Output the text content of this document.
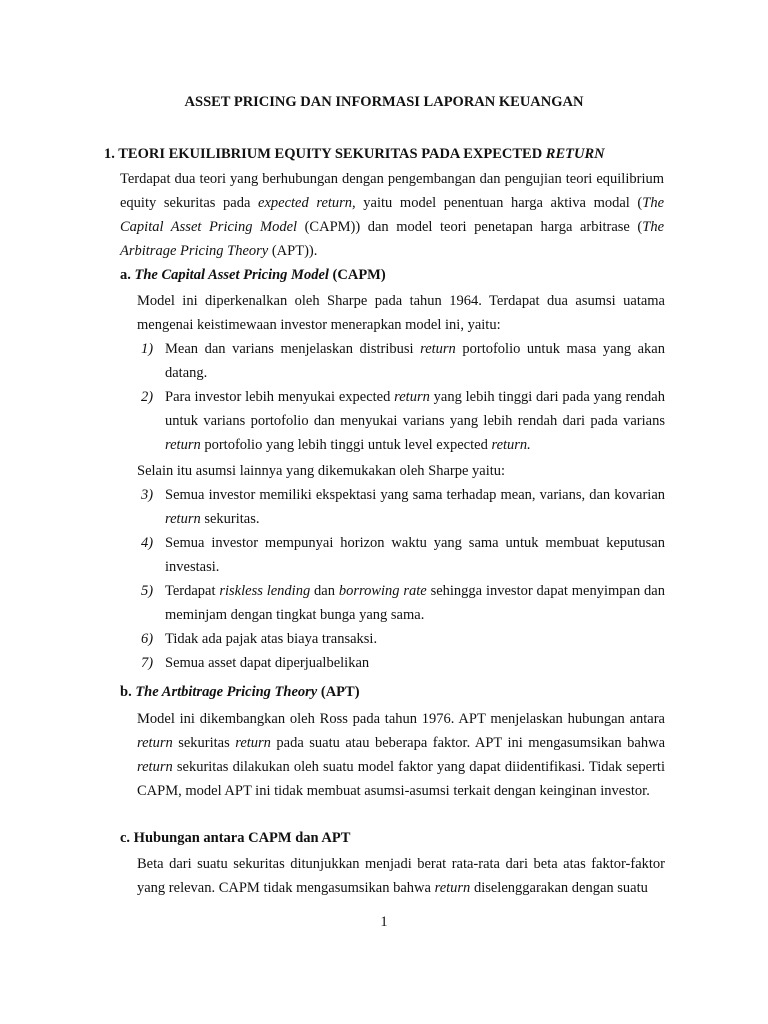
ASSET PRICING DAN INFORMASI LAPORAN KEUANGAN
1. TEORI EKUILIBRIUM EQUITY SEKURITAS PADA EXPECTED RETURN
Terdapat dua teori yang berhubungan dengan pengembangan dan pengujian teori equilibrium equity sekuritas pada expected return, yaitu model penentuan harga aktiva modal (The Capital Asset Pricing Model (CAPM)) dan model teori penetapan harga arbitrase (The Arbitrage Pricing Theory (APT)).
a. The Capital Asset Pricing Model (CAPM)
Model ini diperkenalkan oleh Sharpe pada tahun 1964. Terdapat dua asumsi uatama mengenai keistimewaan investor menerapkan model ini, yaitu:
1) Mean dan varians menjelaskan distribusi return portofolio untuk masa yang akan datang.
2) Para investor lebih menyukai expected return yang lebih tinggi dari pada yang rendah untuk varians portofolio dan menyukai varians yang lebih rendah dari pada varians return portofolio yang lebih tinggi untuk level expected return.
Selain itu asumsi lainnya yang dikemukakan oleh Sharpe yaitu:
3) Semua investor memiliki ekspektasi yang sama terhadap mean, varians, dan kovarian return sekuritas.
4) Semua investor mempunyai horizon waktu yang sama untuk membuat keputusan investasi.
5) Terdapat riskless lending dan borrowing rate sehingga investor dapat menyimpan dan meminjam dengan tingkat bunga yang sama.
6) Tidak ada pajak atas biaya transaksi.
7) Semua asset dapat diperjualbelikan
b. The Artbitrage Pricing Theory (APT)
Model ini dikembangkan oleh Ross pada tahun 1976. APT menjelaskan hubungan antara return sekuritas return pada suatu atau beberapa faktor. APT ini mengasumsikan bahwa return sekuritas dilakukan oleh suatu model faktor yang dapat diidentifikasi. Tidak seperti CAPM, model APT ini tidak membuat asumsi-asumsi terkait dengan keinginan investor.
c. Hubungan antara CAPM dan APT
Beta dari suatu sekuritas ditunjukkan menjadi berat rata-rata dari beta atas faktor-faktor yang relevan. CAPM tidak mengasumsikan bahwa return diselenggarakan dengan suatu
1
